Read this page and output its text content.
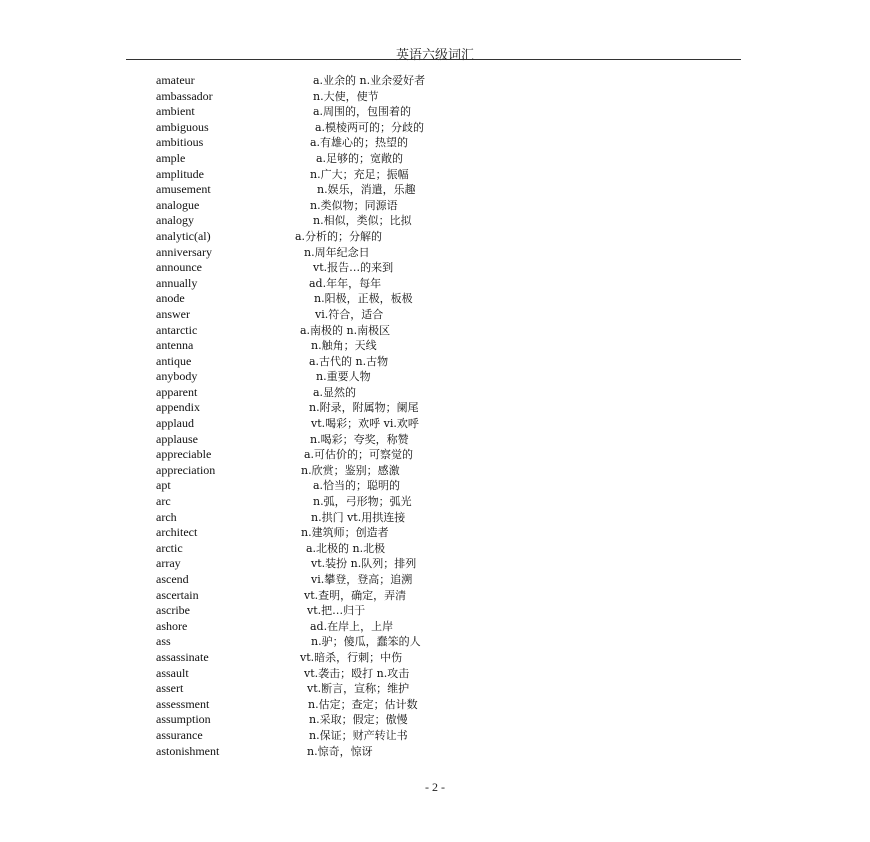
英语六级词汇
amateur	a.业余的 n.业余爱好者
ambassador	n.大使，使节
ambient	a.周围的，包围着的
ambiguous	a.模棱两可的；分歧的
ambitious	a.有雄心的；热望的
ample	a.足够的；宽敞的
amplitude	n.广大；充足；振幅
amusement	n.娱乐，消遣，乐趣
analogue	n.类似物；同源语
analogy	n.相似，类似；比拟
analytic(al)	a.分析的；分解的
anniversary	n.周年纪念日
announce	vt.报告…的来到
annually	ad.年年，每年
anode	n.阳极，正极，板极
answer	vi.符合，适合
antarctic	a.南极的 n.南极区
antenna	n.触角；天线
antique	a.古代的 n.古物
anybody	n.重要人物
apparent	a.显然的
appendix	n.附录，附属物；阑尾
applaud	vt.喝彩；欢呼 vi.欢呼
applause	n.喝彩；夸奖，称赞
appreciable	a.可估价的；可察觉的
appreciation	n.欣赏；鉴别；感激
apt	a.恰当的；聪明的
arc	n.弧，弓形物；弧光
arch	n.拱门 vt.用拱连接
architect	n.建筑师；创造者
arctic	a.北极的 n.北极
array	vt.装扮 n.队列；排列
ascend	vi.攀登，登高；追溯
ascertain	vt.查明，确定，弄清
ascribe	vt.把…归于
ashore	ad.在岸上，上岸
ass	n.驴；傻瓜，蠢笨的人
assassinate	vt.暗杀，行刺；中伤
assault	vt.袭击；殴打 n.攻击
assert	vt.断言，宣称；维护
assessment	n.估定；查定；估计数
assumption	n.采取；假定；傲慢
assurance	n.保证；财产转让书
astonishment	n.惊奇，惊讶
- 2 -
